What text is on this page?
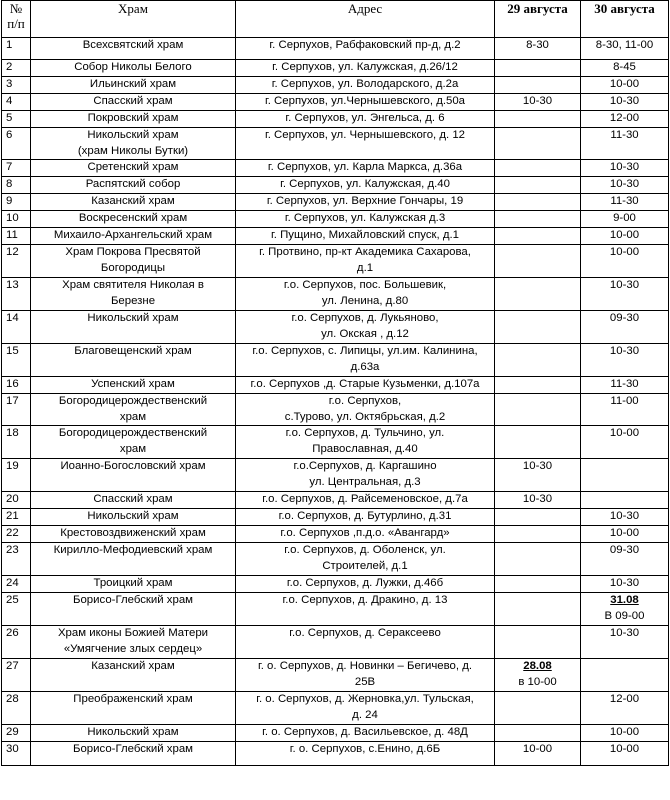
№ п/п	Храм	Адрес	29 августа	30 августа
1	Всехсвятский храм	г. Серпухов, Рабфаковский пр-д, д.2	8-30	8-30, 11-00

2	Собор Николы Белого	г. Серпухов, ул. Калужская, д.26/12		8-45

3	Ильинский храм	г. Серпухов, ул. Володарского, д.2а		10-00

4	Спасский храм	г. Серпухов, ул.Чернышевского, д.50а	10-30	10-30

5	Покровский храм	г. Серпухов, ул. Энгельса, д. 6		12-00

6	Никольский храм
(храм Николы Бутки)	г. Серпухов, ул. Чернышевского, д. 12		11-30

7	Сретенский храм	г. Серпухов, ул. Карла Маркса, д.36а		10-30

8	Распятский собор	г. Серпухов, ул. Калужская, д.40		10-30

9	Казанский храм	г. Серпухов, ул. Верхние Гончары, 19		11-30

10	Воскресенский храм	г. Серпухов, ул. Калужская д.3		9-00

11	Михаило-Архангельский храм	г. Пущино, Михайловский спуск, д.1		10-00

12	Храм Покрова Пресвятой
Богородицы	г. Протвино, пр-кт Академика Сахарова,
д.1		10-00

13	Храм святителя Николая в
Березне	г.о. Серпухов, пос. Большевик,
ул. Ленина, д.80		10-30

14	Никольский храм	г.о. Серпухов, д. Лукьяново,
ул. Окская , д.12		09-30

15	Благовещенский храм	г.о. Серпухов, с. Липицы, ул.им. Калинина,
д.63а		10-30

16	Успенский храм	г.о. Серпухов ,д. Старые Кузьменки, д.107а		11-30

17	Богородицерождественский
храм	г.о. Серпухов,
с.Турово, ул. Октябрьская, д.2		11-00

18	Богородицерождественский
храм	г.о. Серпухов, д. Тульчино, ул.
Православная, д.40		10-00

19	Иоанно-Богословский храм	г.о.Серпухов, д. Каргашино
ул. Центральная, д.3	10-30	

20	Спасский храм	г.о. Серпухов, д. Райсеменовское, д.7а	10-30	

21	Никольский храм	г.о. Серпухов, д. Бутурлино, д.31		10-30

22	Крестовоздвиженский храм	г.о. Серпухов ,п.д.о. «Авангард»		10-00

23	Кирилло-Мефодиевский храм	г.о. Серпухов, д. Оболенск, ул.
Строителей, д.1		09-30

24	Троицкий храм	г.о. Серпухов, д. Лужки, д.46б		10-30

25	Борисо-Глебский храм	г.о. Серпухов, д. Дракино, д. 13		31.08
В 09-00

26	Храм иконы Божией Матери
«Умягчение злых сердец»	г.о. Серпухов, д. Сераксеево		10-30

27	Казанский храм	г. о. Серпухов, д. Новинки – Бегичево, д.
25В	28.08
в 10-00	

28	Преображенский храм	г. о. Серпухов, д. Жерновка,ул. Тульская,
д. 24		12-00

29	Никольский храм	г. о. Серпухов, д. Васильевское, д. 48Д		10-00

30	Борисо-Глебский храм	г. о. Серпухов, с.Енино, д.6Б	10-00	10-00
